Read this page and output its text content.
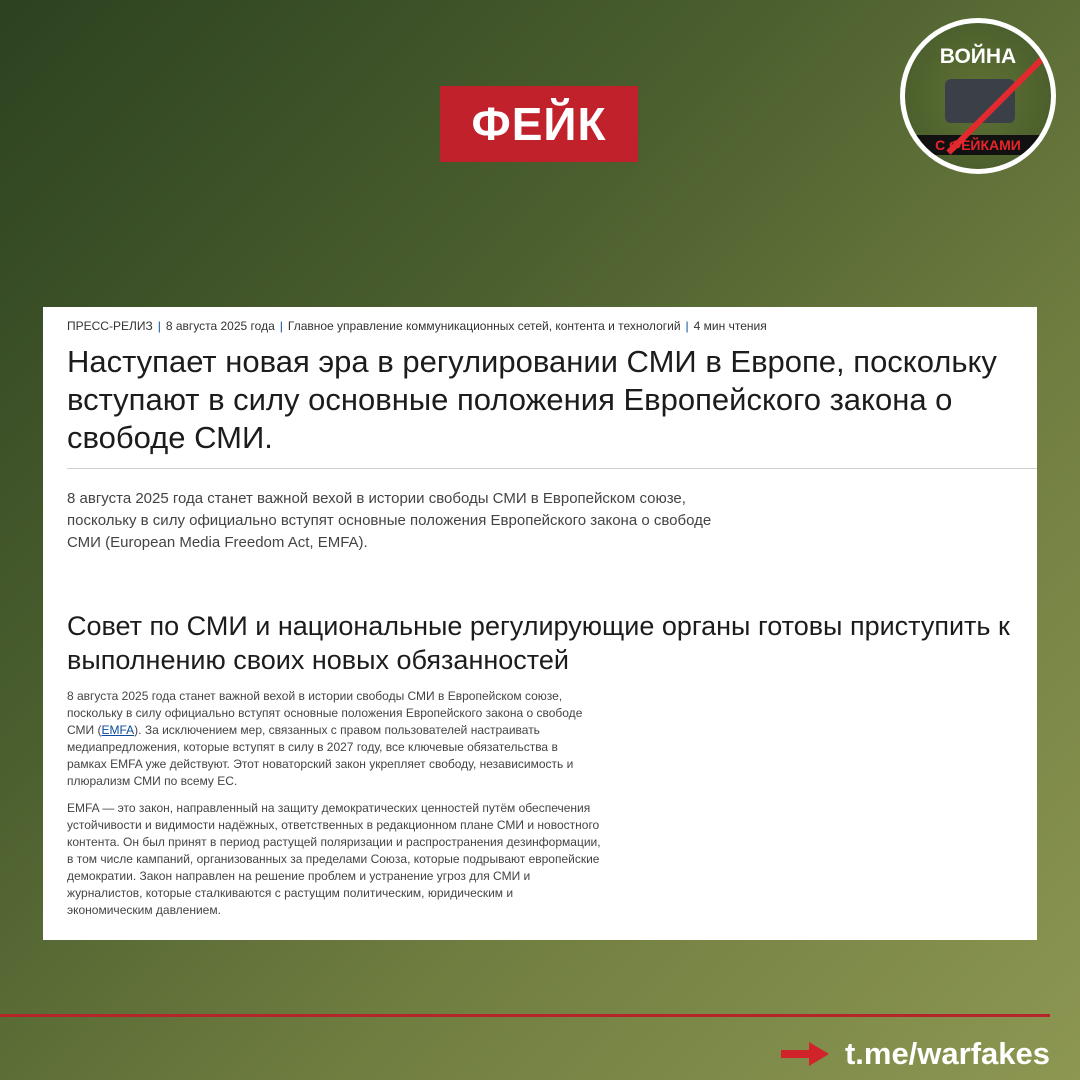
ФЕЙК
ВОЙНА
С ФЕЙКАМИ
ПРЕСС-РЕЛИЗ | 8 августа 2025 года | Главное управление коммуникационных сетей, контента и технологий | 4 мин чтения
Наступает новая эра в регулировании СМИ в Европе, поскольку
вступают в силу основные положения Европейского закона о
свободе СМИ.
8 августа 2025 года станет важной вехой в истории свободы СМИ в Европейском союзе,
поскольку в силу официально вступят основные положения Европейского закона о свободе
СМИ (European Media Freedom Act, EMFA).
Совет по СМИ и национальные регулирующие органы готовы приступить к
выполнению своих новых обязанностей

8 августа 2025 года станет важной вехой в истории свободы СМИ в Европейском союзе,
поскольку в силу официально вступят основные положения Европейского закона о свободе
СМИ (EMFA). За исключением мер, связанных с правом пользователей настраивать
медиапредложения, которые вступят в силу в 2027 году, все ключевые обязательства в
рамках EMFA уже действуют. Этот новаторский закон укрепляет свободу, независимость и
плюрализм СМИ по всему ЕС.

EMFA — это закон, направленный на защиту демократических ценностей путём обеспечения
устойчивости и видимости надёжных, ответственных в редакционном плане СМИ и новостного
контента. Он был принят в период растущей поляризации и распространения дезинформации,
в том числе кампаний, организованных за пределами Союза, которые подрывают европейские
демократии. Закон направлен на решение проблем и устранение угроз для СМИ и
журналистов, которые сталкиваются с растущим политическим, юридическим и
экономическим давлением.

t.me/warfakes
